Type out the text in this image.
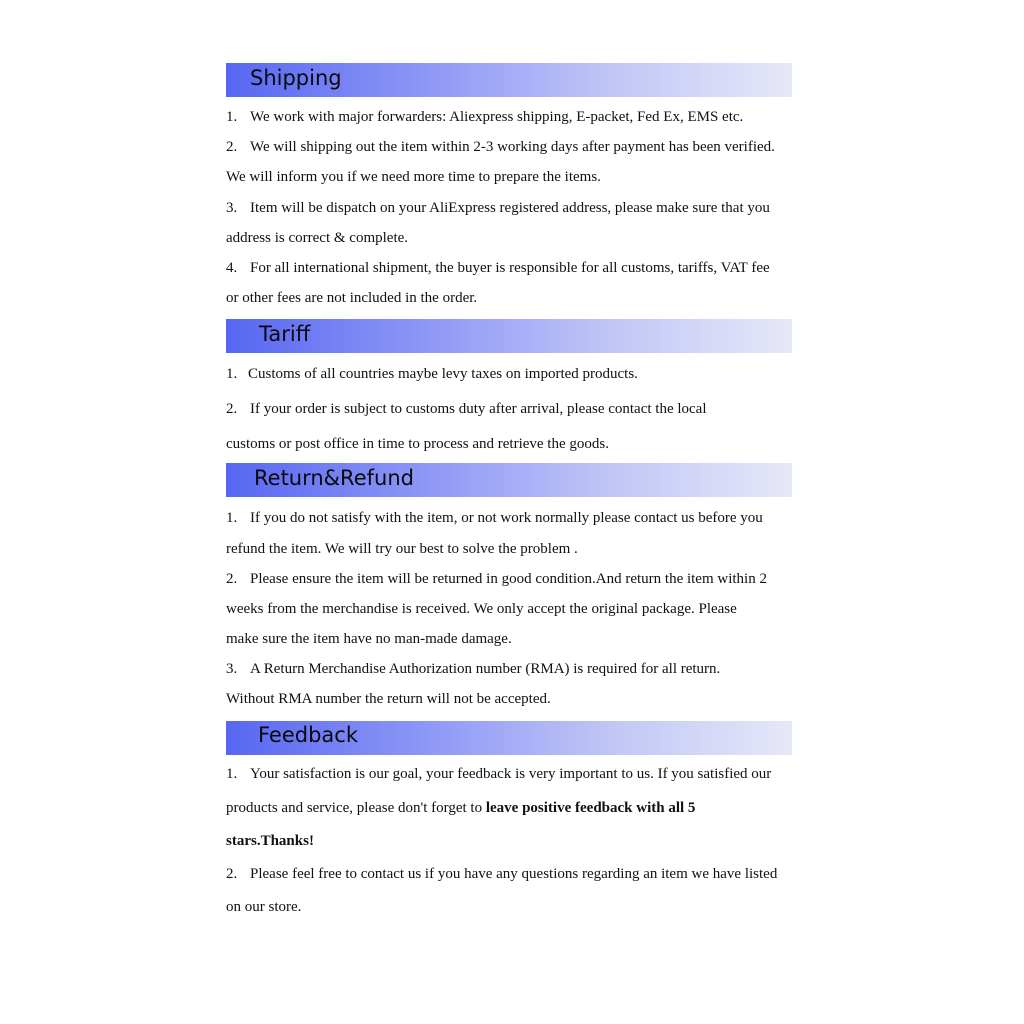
Shipping
1. We work with major forwarders: Aliexpress shipping, E-packet, Fed Ex, EMS etc.
2. We will shipping out the item within 2-3 working days after payment has been verified.
We will inform you if we need more time to prepare the items.
3. Item will be dispatch on your AliExpress registered address, please make sure that you
address is correct & complete.
4. For all international shipment, the buyer is responsible for all customs, tariffs, VAT fee
or other fees are not included in the order.
Tariff
1. Customs of all countries maybe levy taxes on imported products.
2. If your order is subject to customs duty after arrival, please contact the local
customs or post office in time to process and retrieve the goods.
Return&Refund
1. If you do not satisfy with the item, or not work normally please contact us before you
refund the item. We will try our best to solve the problem .
2. Please ensure the item will be returned in good condition.And return the item within 2
weeks from the merchandise is received. We only accept the original package. Please
make sure the item have no man-made damage.
3. A Return Merchandise Authorization number (RMA) is required for all return.
Without RMA number the return will not be accepted.
Feedback
1. Your satisfaction is our goal, your feedback is very important to us. If you satisfied our
products and service, please don't forget to leave positive feedback with all 5
stars.Thanks!
2. Please feel free to contact us if you have any questions regarding an item we have listed
on our store.
